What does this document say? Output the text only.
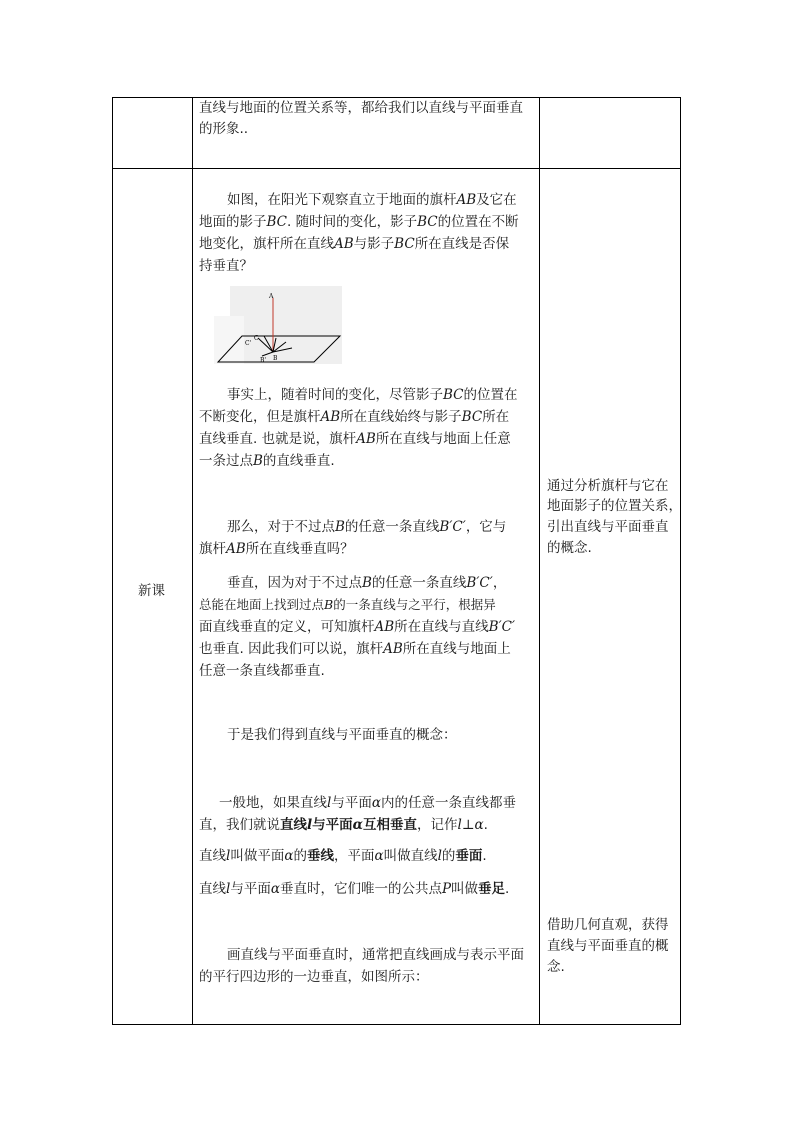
直线与地面的位置关系等，都给我们以直线与平面垂直
的形象..
新课
如图，在阳光下观察直立于地面的旗杆AB及它在
地面的影子BC. 随时间的变化，影子BC的位置在不断
地变化，旗杆所在直线AB与影子BC所在直线是否保
持垂直？
A
C
C'
B' B
事实上，随着时间的变化，尽管影子BC的位置在
不断变化，但是旗杆AB所在直线始终与影子BC所在
直线垂直. 也就是说，旗杆AB所在直线与地面上任意
一条过点B的直线垂直.
那么，对于不过点B的任意一条直线B′C′，它与
旗杆AB所在直线垂直吗？
垂直，因为对于不过点B的任意一条直线B′C′，
总能在地面上找到过点B的一条直线与之平行，根据异
面直线垂直的定义，可知旗杆AB所在直线与直线B′C′
也垂直. 因此我们可以说，旗杆AB所在直线与地面上
任意一条直线都垂直.
于是我们得到直线与平面垂直的概念：
一般地，如果直线l与平面α内的任意一条直线都垂
直，我们就说直线l与平面α互相垂直，记作l⊥α.
直线l叫做平面α的垂线，平面α叫做直线l的垂面.
直线l与平面α垂直时，它们唯一的公共点P叫做垂足.
画直线与平面垂直时，通常把直线画成与表示平面
的平行四边形的一边垂直，如图所示：
通过分析旗杆与它在
地面影子的位置关系，
引出直线与平面垂直
的概念.
借助几何直观，获得
直线与平面垂直的概
念.
